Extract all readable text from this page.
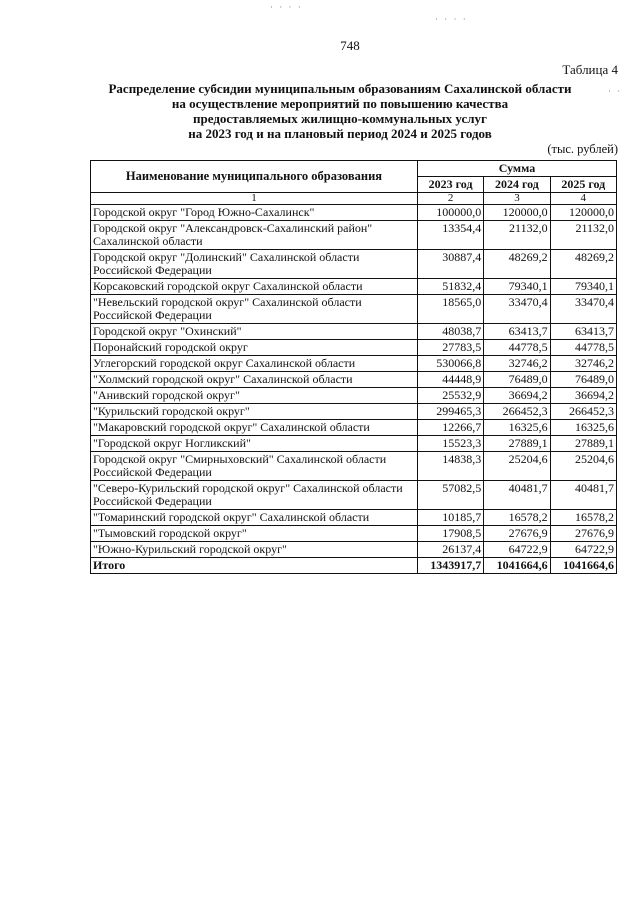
· · · ·
· · · ·
· ·
748
Таблица 4
Распределение субсидии муниципальным образованиям Сахалинской области
на осуществление мероприятий по повышению качества
предоставляемых жилищно-коммунальных услуг
на 2023 год и на плановый период 2024 и 2025 годов
(тыс. рублей)
Наименование муниципального образования	Сумма		
	2023 год	2024 год	2025 год
1	2	3	4
Городской округ "Город Южно-Сахалинск"	100000,0	120000,0	120000,0
Городской округ "Александровск-Сахалинский район" Сахалинской области	13354,4	21132,0	21132,0
Городской округ "Долинский" Сахалинской области Российской Федерации	30887,4	48269,2	48269,2
Корсаковский городской округ Сахалинской области	51832,4	79340,1	79340,1
"Невельский городской округ" Сахалинской области Российской Федерации	18565,0	33470,4	33470,4
Городской округ "Охинский"	48038,7	63413,7	63413,7
Поронайский городской округ	27783,5	44778,5	44778,5
Углегорский городской округ Сахалинской области	530066,8	32746,2	32746,2
"Холмский городской округ" Сахалинской области	44448,9	76489,0	76489,0
"Анивский городской округ"	25532,9	36694,2	36694,2
"Курильский городской округ"	299465,3	266452,3	266452,3
"Макаровский городской округ" Сахалинской области	12266,7	16325,6	16325,6
"Городской округ Ногликский"	15523,3	27889,1	27889,1
Городской округ "Смирныховский" Сахалинской области Российской Федерации	14838,3	25204,6	25204,6
"Северо-Курильский городской округ" Сахалинской области Российской Федерации	57082,5	40481,7	40481,7
"Томаринский городской округ" Сахалинской области	10185,7	16578,2	16578,2
"Тымовский городской округ"	17908,5	27676,9	27676,9
"Южно-Курильский городской округ"	26137,4	64722,9	64722,9
Итого	1343917,7	1041664,6	1041664,6
